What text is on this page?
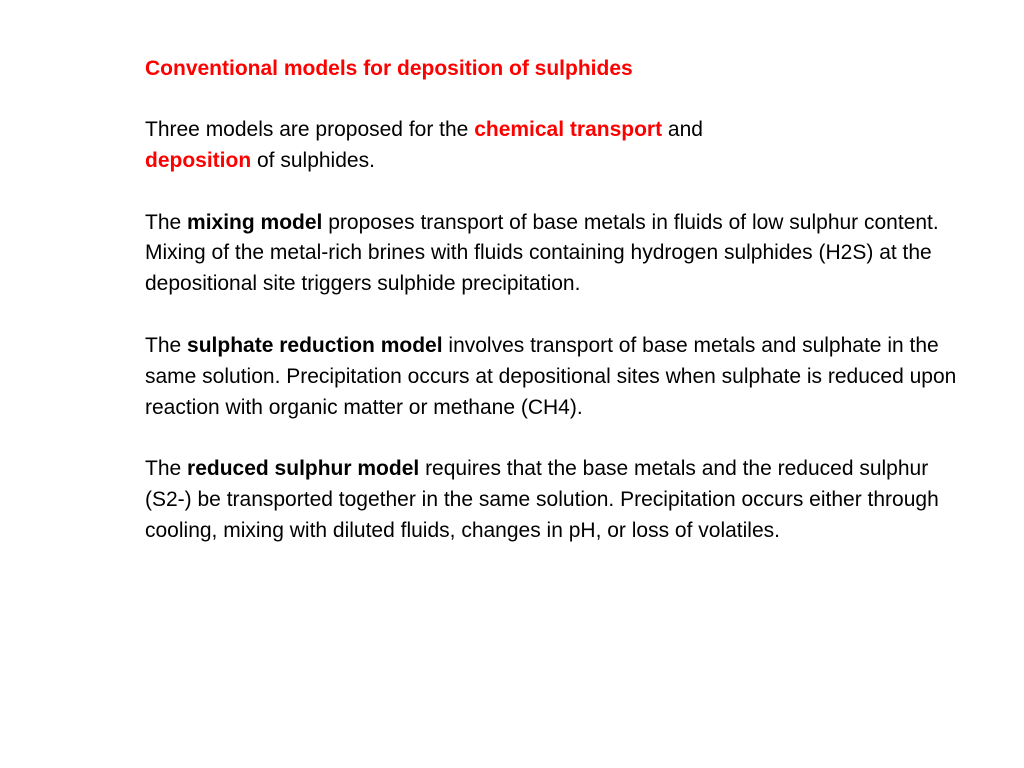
Conventional models for deposition of sulphides
Three models are proposed for the chemical transport and
deposition of sulphides.
The mixing model proposes transport of base metals in fluids of low sulphur content. Mixing of the metal-rich brines with fluids containing hydrogen sulphides (H2S) at the depositional site triggers sulphide precipitation.
The sulphate reduction model involves transport of base metals and sulphate in the same solution. Precipitation occurs at depositional sites when sulphate is reduced upon reaction with organic matter or methane (CH4).
The reduced sulphur model requires that the base metals and the reduced sulphur (S2-) be transported together in the same solution. Precipitation occurs either through cooling, mixing with diluted fluids, changes in pH, or loss of volatiles.
